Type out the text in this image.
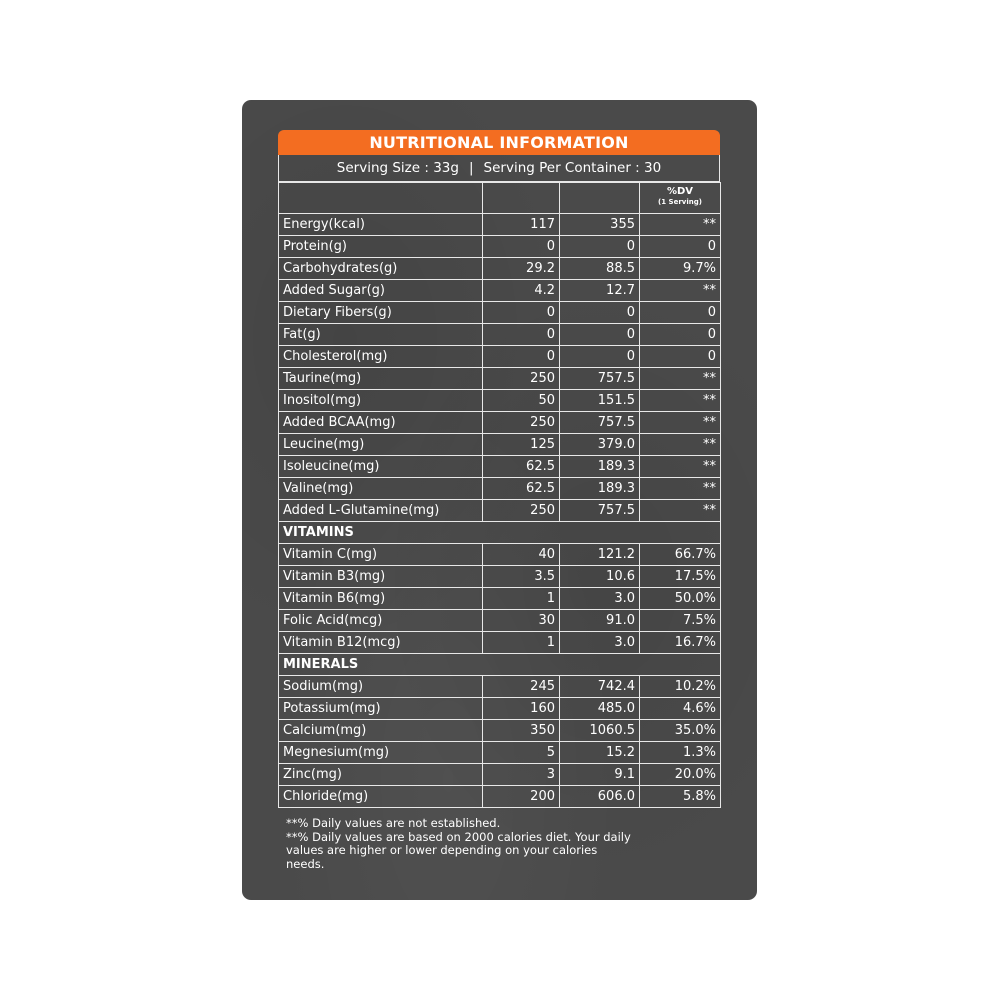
NUTRITIONAL INFORMATION
Serving Size : 33g | Serving Per Container : 30

			%DV
(1 Serving)

Energy(kcal)	117	355	**
Protein(g)	0	0	0
Carbohydrates(g)	29.2	88.5	9.7%
Added Sugar(g)	4.2	12.7	**
Dietary Fibers(g)	0	0	0
Fat(g)	0	0	0
Cholesterol(mg)	0	0	0
Taurine(mg)	250	757.5	**
Inositol(mg)	50	151.5	**
Added BCAA(mg)	250	757.5	**
Leucine(mg)	125	379.0	**
Isoleucine(mg)	62.5	189.3	**
Valine(mg)	62.5	189.3	**
Added L-Glutamine(mg)	250	757.5	**
VITAMINS			
Vitamin C(mg)	40	121.2	66.7%
Vitamin B3(mg)	3.5	10.6	17.5%
Vitamin B6(mg)	1	3.0	50.0%
Folic Acid(mcg)	30	91.0	7.5%
Vitamin B12(mcg)	1	3.0	16.7%
MINERALS			
Sodium(mg)	245	742.4	10.2%
Potassium(mg)	160	485.0	4.6%
Calcium(mg)	350	1060.5	35.0%
Megnesium(mg)	5	15.2	1.3%
Zinc(mg)	3	9.1	20.0%
Chloride(mg)	200	606.0	5.8%
**% Daily values are not established.
**% Daily values are based on 2000 calories diet. Your daily
values are higher or lower depending on your calories
needs.
